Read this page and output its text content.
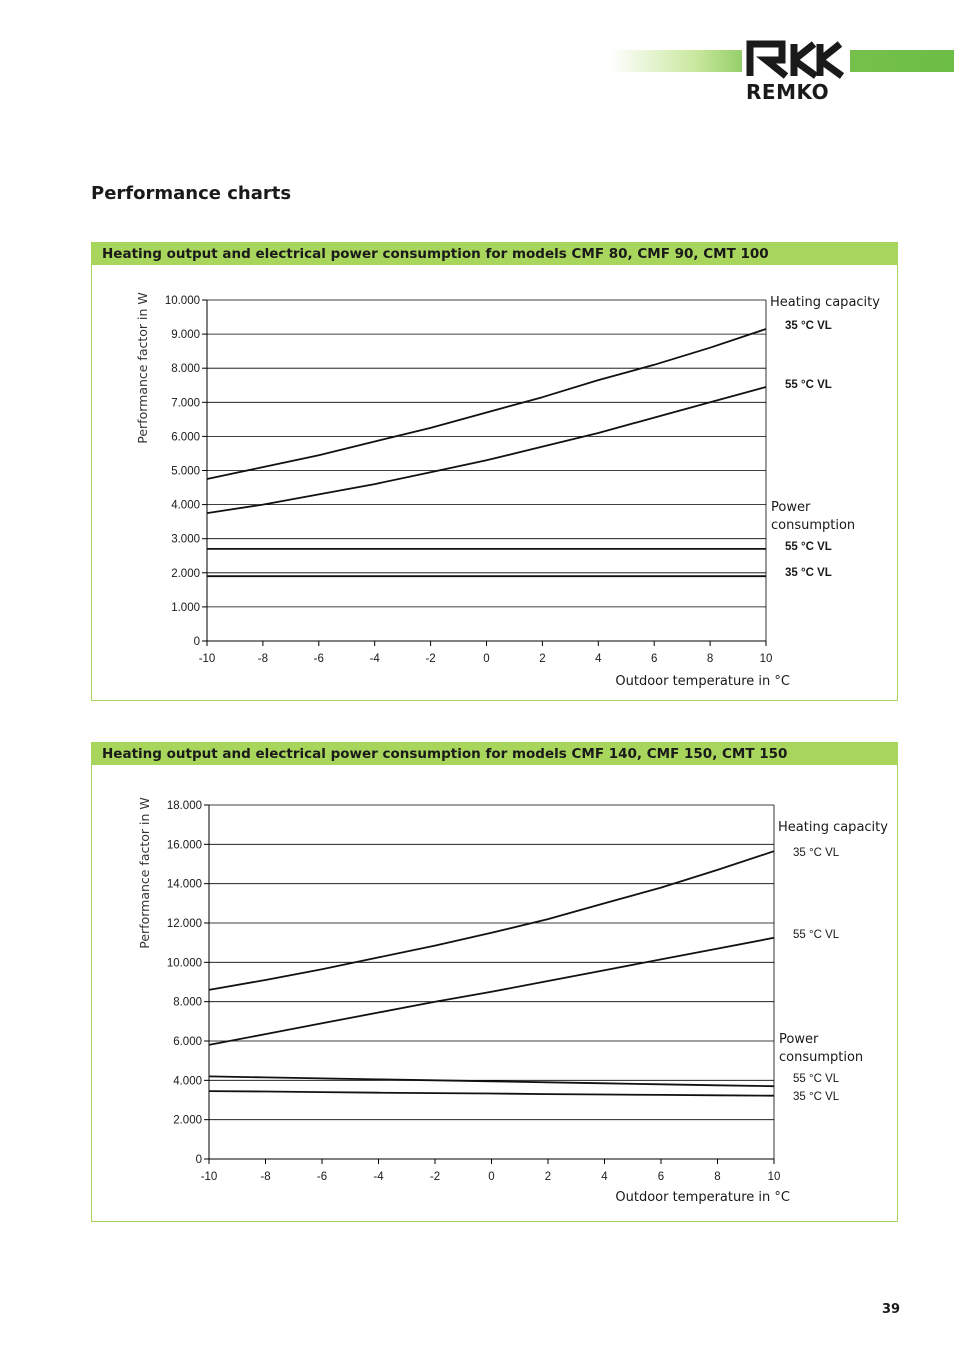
REMKO
Performance charts
0
1.000
2.000
3.000
4.000
5.000
6.000
7.000
8.000
9.000
10.000
-10	-8	-6	-4	-2	0	2	4	6	8	10
Performance factor in W
Outdoor temperature in °C
Heating capacity
35 °C VL
55 °C VL
Power
consumption
55 °C VL
35 °C VL
Heating output and electrical power consumption for models CMF 80, CMF 90, CMT 100
0
2.000
4.000
6.000
8.000
10.000
12.000
14.000
16.000
18.000
-10	-8	-6	-4	-2	0	2	4	6	8	10
Performance factor in W
Outdoor temperature in °C
Heating capacity
35 °C VL
55 °C VL
Power
consumption
55 °C VL
35 °C VL
Heating output and electrical power consumption for models CMF 140, CMF 150, CMT 150
39
